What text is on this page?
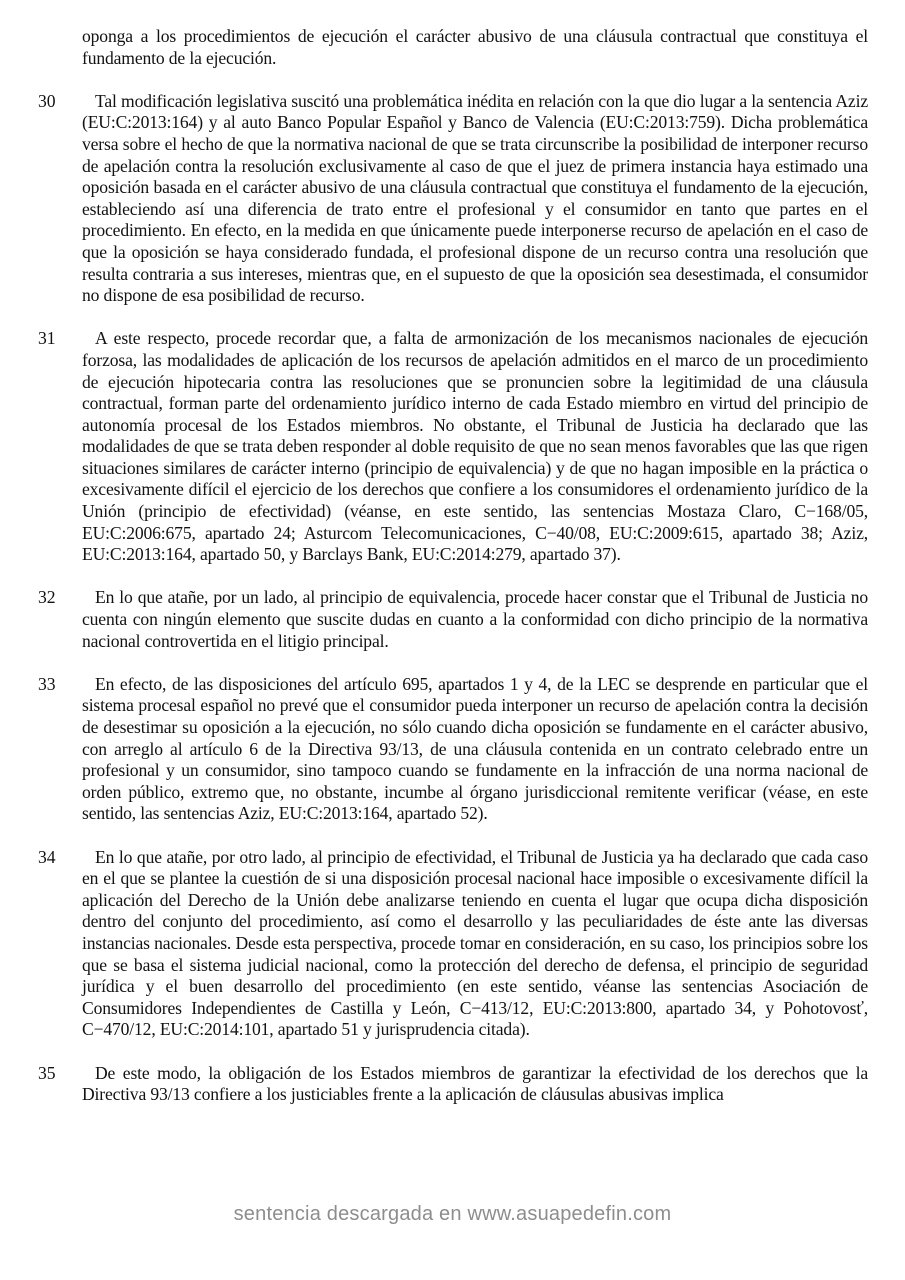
oponga a los procedimientos de ejecución el carácter abusivo de una cláusula contractual que constituya el fundamento de la ejecución.

30	Tal modificación legislativa suscitó una problemática inédita en relación con la que dio lugar a la sentencia Aziz (EU:C:2013:164) y al auto Banco Popular Español y Banco de Valencia (EU:C:2013:759). Dicha problemática versa sobre el hecho de que la normativa nacional de que se trata circunscribe la posibilidad de interponer recurso de apelación contra la resolución exclusivamente al caso de que el juez de primera instancia haya estimado una oposición basada en el carácter abusivo de una cláusula contractual que constituya el fundamento de la ejecución, estableciendo así una diferencia de trato entre el profesional y el consumidor en tanto que partes en el procedimiento. En efecto, en la medida en que únicamente puede interponerse recurso de apelación en el caso de que la oposición se haya considerado fundada, el profesional dispone de un recurso contra una resolución que resulta contraria a sus intereses, mientras que, en el supuesto de que la oposición sea desestimada, el consumidor no dispone de esa posibilidad de recurso.

31	A este respecto, procede recordar que, a falta de armonización de los mecanismos nacionales de ejecución forzosa, las modalidades de aplicación de los recursos de apelación admitidos en el marco de un procedimiento de ejecución hipotecaria contra las resoluciones que se pronuncien sobre la legitimidad de una cláusula contractual, forman parte del ordenamiento jurídico interno de cada Estado miembro en virtud del principio de autonomía procesal de los Estados miembros. No obstante, el Tribunal de Justicia ha declarado que las modalidades de que se trata deben responder al doble requisito de que no sean menos favorables que las que rigen situaciones similares de carácter interno (principio de equivalencia) y de que no hagan imposible en la práctica o excesivamente difícil el ejercicio de los derechos que confiere a los consumidores el ordenamiento jurídico de la Unión (principio de efectividad) (véanse, en este sentido, las sentencias Mostaza Claro, C−168/05, EU:C:2006:675, apartado 24; Asturcom Telecomunicaciones, C−40/08, EU:C:2009:615, apartado 38; Aziz, EU:C:2013:164, apartado 50, y Barclays Bank, EU:C:2014:279, apartado 37).

32	En lo que atañe, por un lado, al principio de equivalencia, procede hacer constar que el Tribunal de Justicia no cuenta con ningún elemento que suscite dudas en cuanto a la conformidad con dicho principio de la normativa nacional controvertida en el litigio principal.

33	En efecto, de las disposiciones del artículo 695, apartados 1 y 4, de la LEC se desprende en particular que el sistema procesal español no prevé que el consumidor pueda interponer un recurso de apelación contra la decisión de desestimar su oposición a la ejecución, no sólo cuando dicha oposición se fundamente en el carácter abusivo, con arreglo al artículo 6 de la Directiva 93/13, de una cláusula contenida en un contrato celebrado entre un profesional y un consumidor, sino tampoco cuando se fundamente en la infracción de una norma nacional de orden público, extremo que, no obstante, incumbe al órgano jurisdiccional remitente verificar (véase, en este sentido, las sentencias Aziz, EU:C:2013:164, apartado 52).

34	En lo que atañe, por otro lado, al principio de efectividad, el Tribunal de Justicia ya ha declarado que cada caso en el que se plantee la cuestión de si una disposición procesal nacional hace imposible o excesivamente difícil la aplicación del Derecho de la Unión debe analizarse teniendo en cuenta el lugar que ocupa dicha disposición dentro del conjunto del procedimiento, así como el desarrollo y las peculiaridades de éste ante las diversas instancias nacionales. Desde esta perspectiva, procede tomar en consideración, en su caso, los principios sobre los que se basa el sistema judicial nacional, como la protección del derecho de defensa, el principio de seguridad jurídica y el buen desarrollo del procedimiento (en este sentido, véanse las sentencias Asociación de Consumidores Independientes de Castilla y León, C−413/12, EU:C:2013:800, apartado 34, y Pohotovosť, C−470/12, EU:C:2014:101, apartado 51 y jurisprudencia citada).

35	De este modo, la obligación de los Estados miembros de garantizar la efectividad de los derechos que la Directiva 93/13 confiere a los justiciables frente a la aplicación de cláusulas abusivas implica

sentencia descargada en www.asuapedefin.com
